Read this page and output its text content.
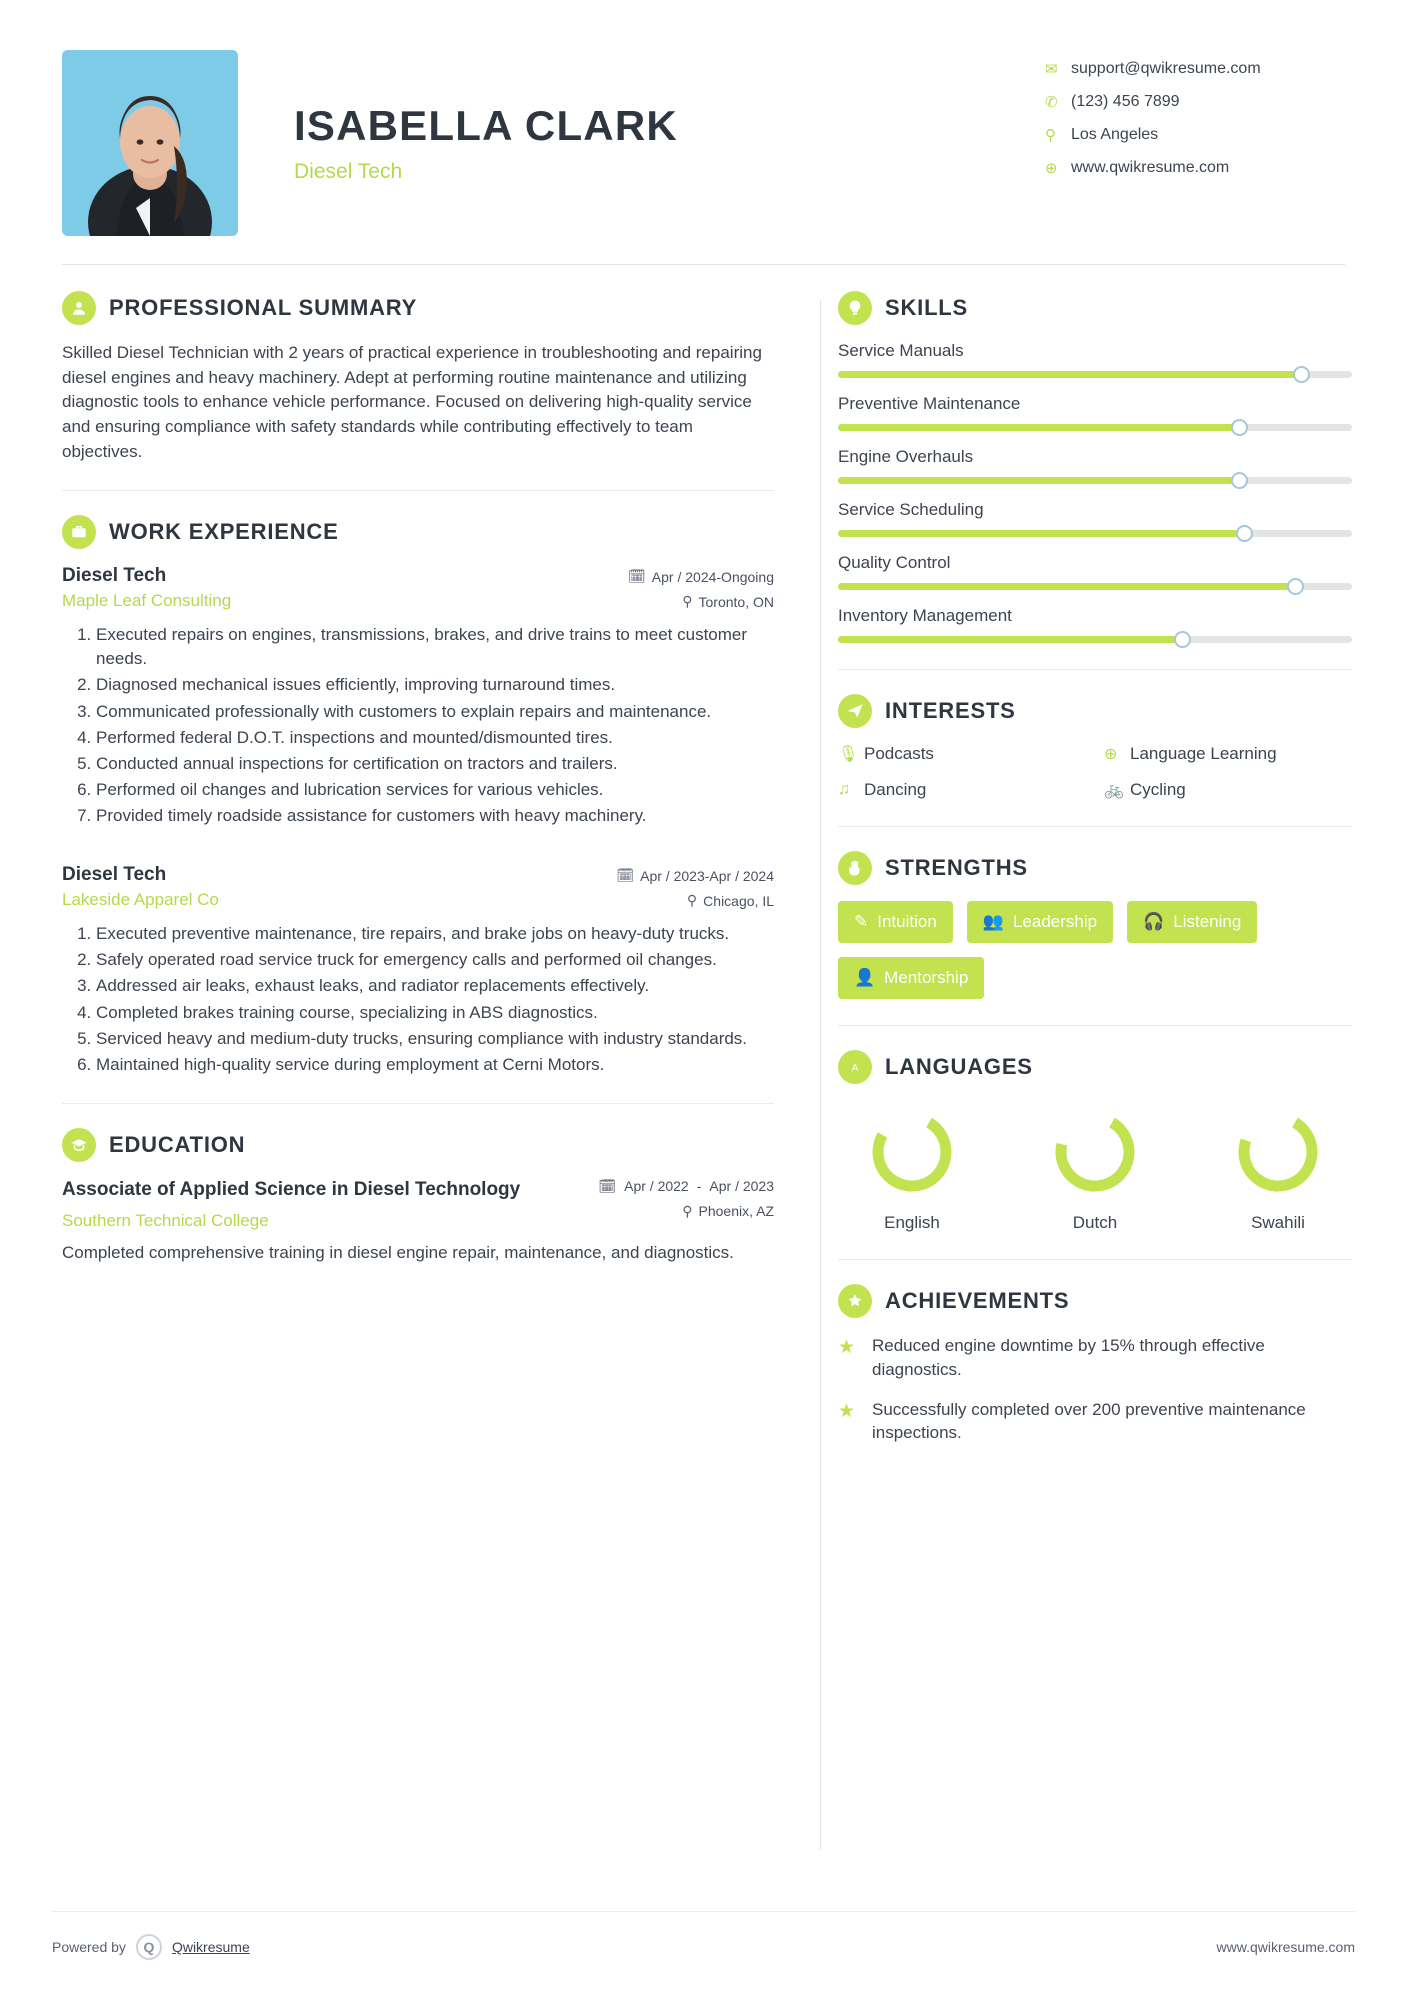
ISABELLA CLARK
Diesel Tech
✉ support@qwikresume.com
✆ (123) 456 7899
⚲ Los Angeles
⊕ www.qwikresume.com
PROFESSIONAL SUMMARY
Skilled Diesel Technician with 2 years of practical experience in troubleshooting and repairing diesel engines and heavy machinery. Adept at performing routine maintenance and utilizing diagnostic tools to enhance vehicle performance. Focused on delivering high-quality service and ensuring compliance with safety standards while contributing effectively to team objectives.
WORK EXPERIENCE
Diesel Tech	🗓 Apr / 2024-Ongoing
Maple Leaf Consulting	⚲ Toronto, ON
1. Executed repairs on engines, transmissions, brakes, and drive trains to meet customer needs.
2. Diagnosed mechanical issues efficiently, improving turnaround times.
3. Communicated professionally with customers to explain repairs and maintenance.
4. Performed federal D.O.T. inspections and mounted/dismounted tires.
5. Conducted annual inspections for certification on tractors and trailers.
6. Performed oil changes and lubrication services for various vehicles.
7. Provided timely roadside assistance for customers with heavy machinery.
Diesel Tech	🗓 Apr / 2023-Apr / 2024
Lakeside Apparel Co	⚲ Chicago, IL
1. Executed preventive maintenance, tire repairs, and brake jobs on heavy-duty trucks.
2. Safely operated road service truck for emergency calls and performed oil changes.
3. Addressed air leaks, exhaust leaks, and radiator replacements effectively.
4. Completed brakes training course, specializing in ABS diagnostics.
5. Serviced heavy and medium-duty trucks, ensuring compliance with industry standards.
6. Maintained high-quality service during employment at Cerni Motors.
EDUCATION
Associate of Applied Science in Diesel Technology	🗓 Apr / 2022 - Apr / 2023
Southern Technical College	⚲ Phoenix, AZ
Completed comprehensive training in diesel engine repair, maintenance, and diagnostics.
SKILLS
Service Manuals
Preventive Maintenance
Engine Overhauls
Service Scheduling
Quality Control
Inventory Management
INTERESTS
🎙 Podcasts	⊕ Language Learning
♫ Dancing	🚲 Cycling
STRENGTHS
✎ Intuition	👥 Leadership	🎧 Listening
👤 Mentorship
A LANGUAGES
English	Dutch	Swahili
ACHIEVEMENTS
★ Reduced engine downtime by 15% through effective diagnostics.
★ Successfully completed over 200 preventive maintenance inspections.
Powered by	Q	Qwikresume	www.qwikresume.com
